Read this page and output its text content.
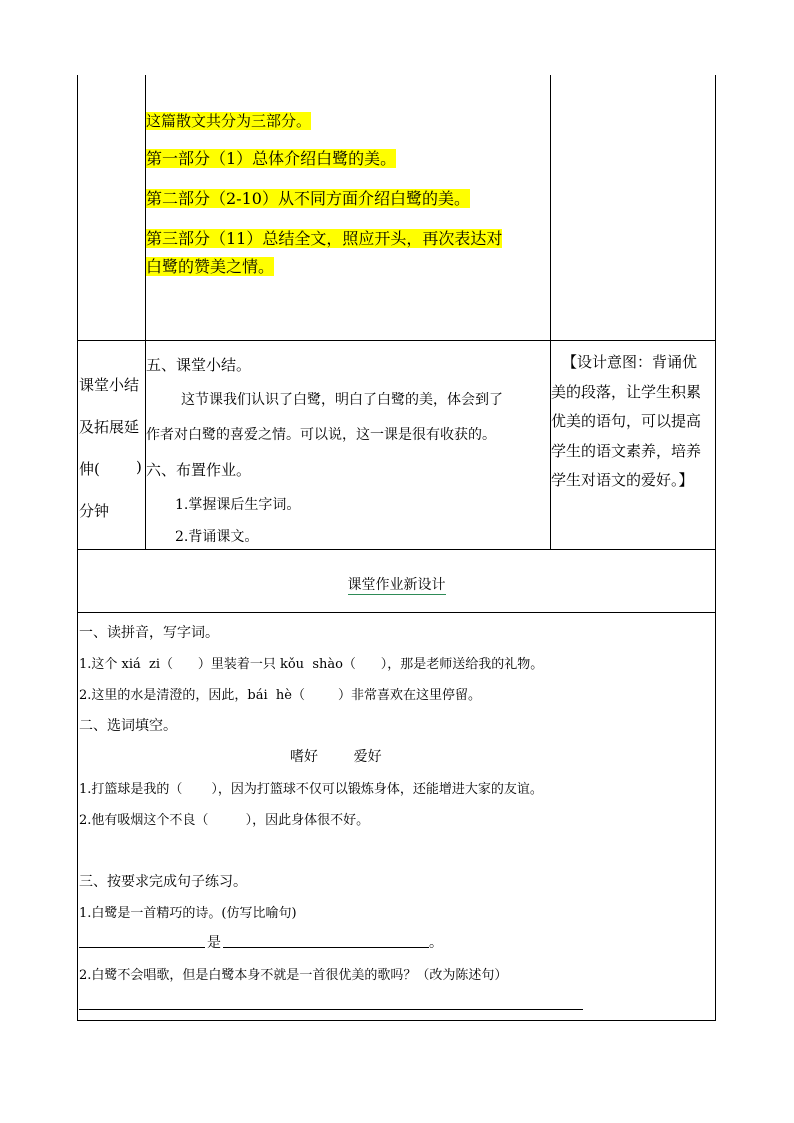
这篇散文共分为三部分。
第一部分（1）总体介绍白鹭的美。
第二部分（2-10）从不同方面介绍白鹭的美。
第三部分（11）总结全文，照应开头，再次表达对
白鹭的赞美之情。
课堂小结
及拓展延
伸( )
分钟
五、课堂小结。
这节课我们认识了白鹭，明白了白鹭的美，体会到了
作者对白鹭的喜爱之情。可以说，这一课是很有收获的。
六、布置作业。
1.掌握课后生字词。
2.背诵课文。
【设计意图：背诵优
美的段落，让学生积累
优美的语句，可以提高
学生的语文素养，培养
学生对语文的爱好。】
课堂作业新设计
一、读拼音，写字词。
1.这个 xiá  zi（      ）里装着一只 kǒu  shào（      ），那是老师送给我的礼物。
2.这里的水是清澄的，因此，bái  hè（        ）非常喜欢在这里停留。
二、选词填空。
嗜好        爱好
1.打篮球是我的（       ），因为打篮球不仅可以锻炼身体，还能增进大家的友谊。
2.他有吸烟这个不良（         ），因此身体很不好。
三、按要求完成句子练习。
1.白鹭是一首精巧的诗。(仿写比喻句)
是	。
2.白鹭不会唱歌，但是白鹭本身不就是一首很优美的歌吗？（改为陈述句）
